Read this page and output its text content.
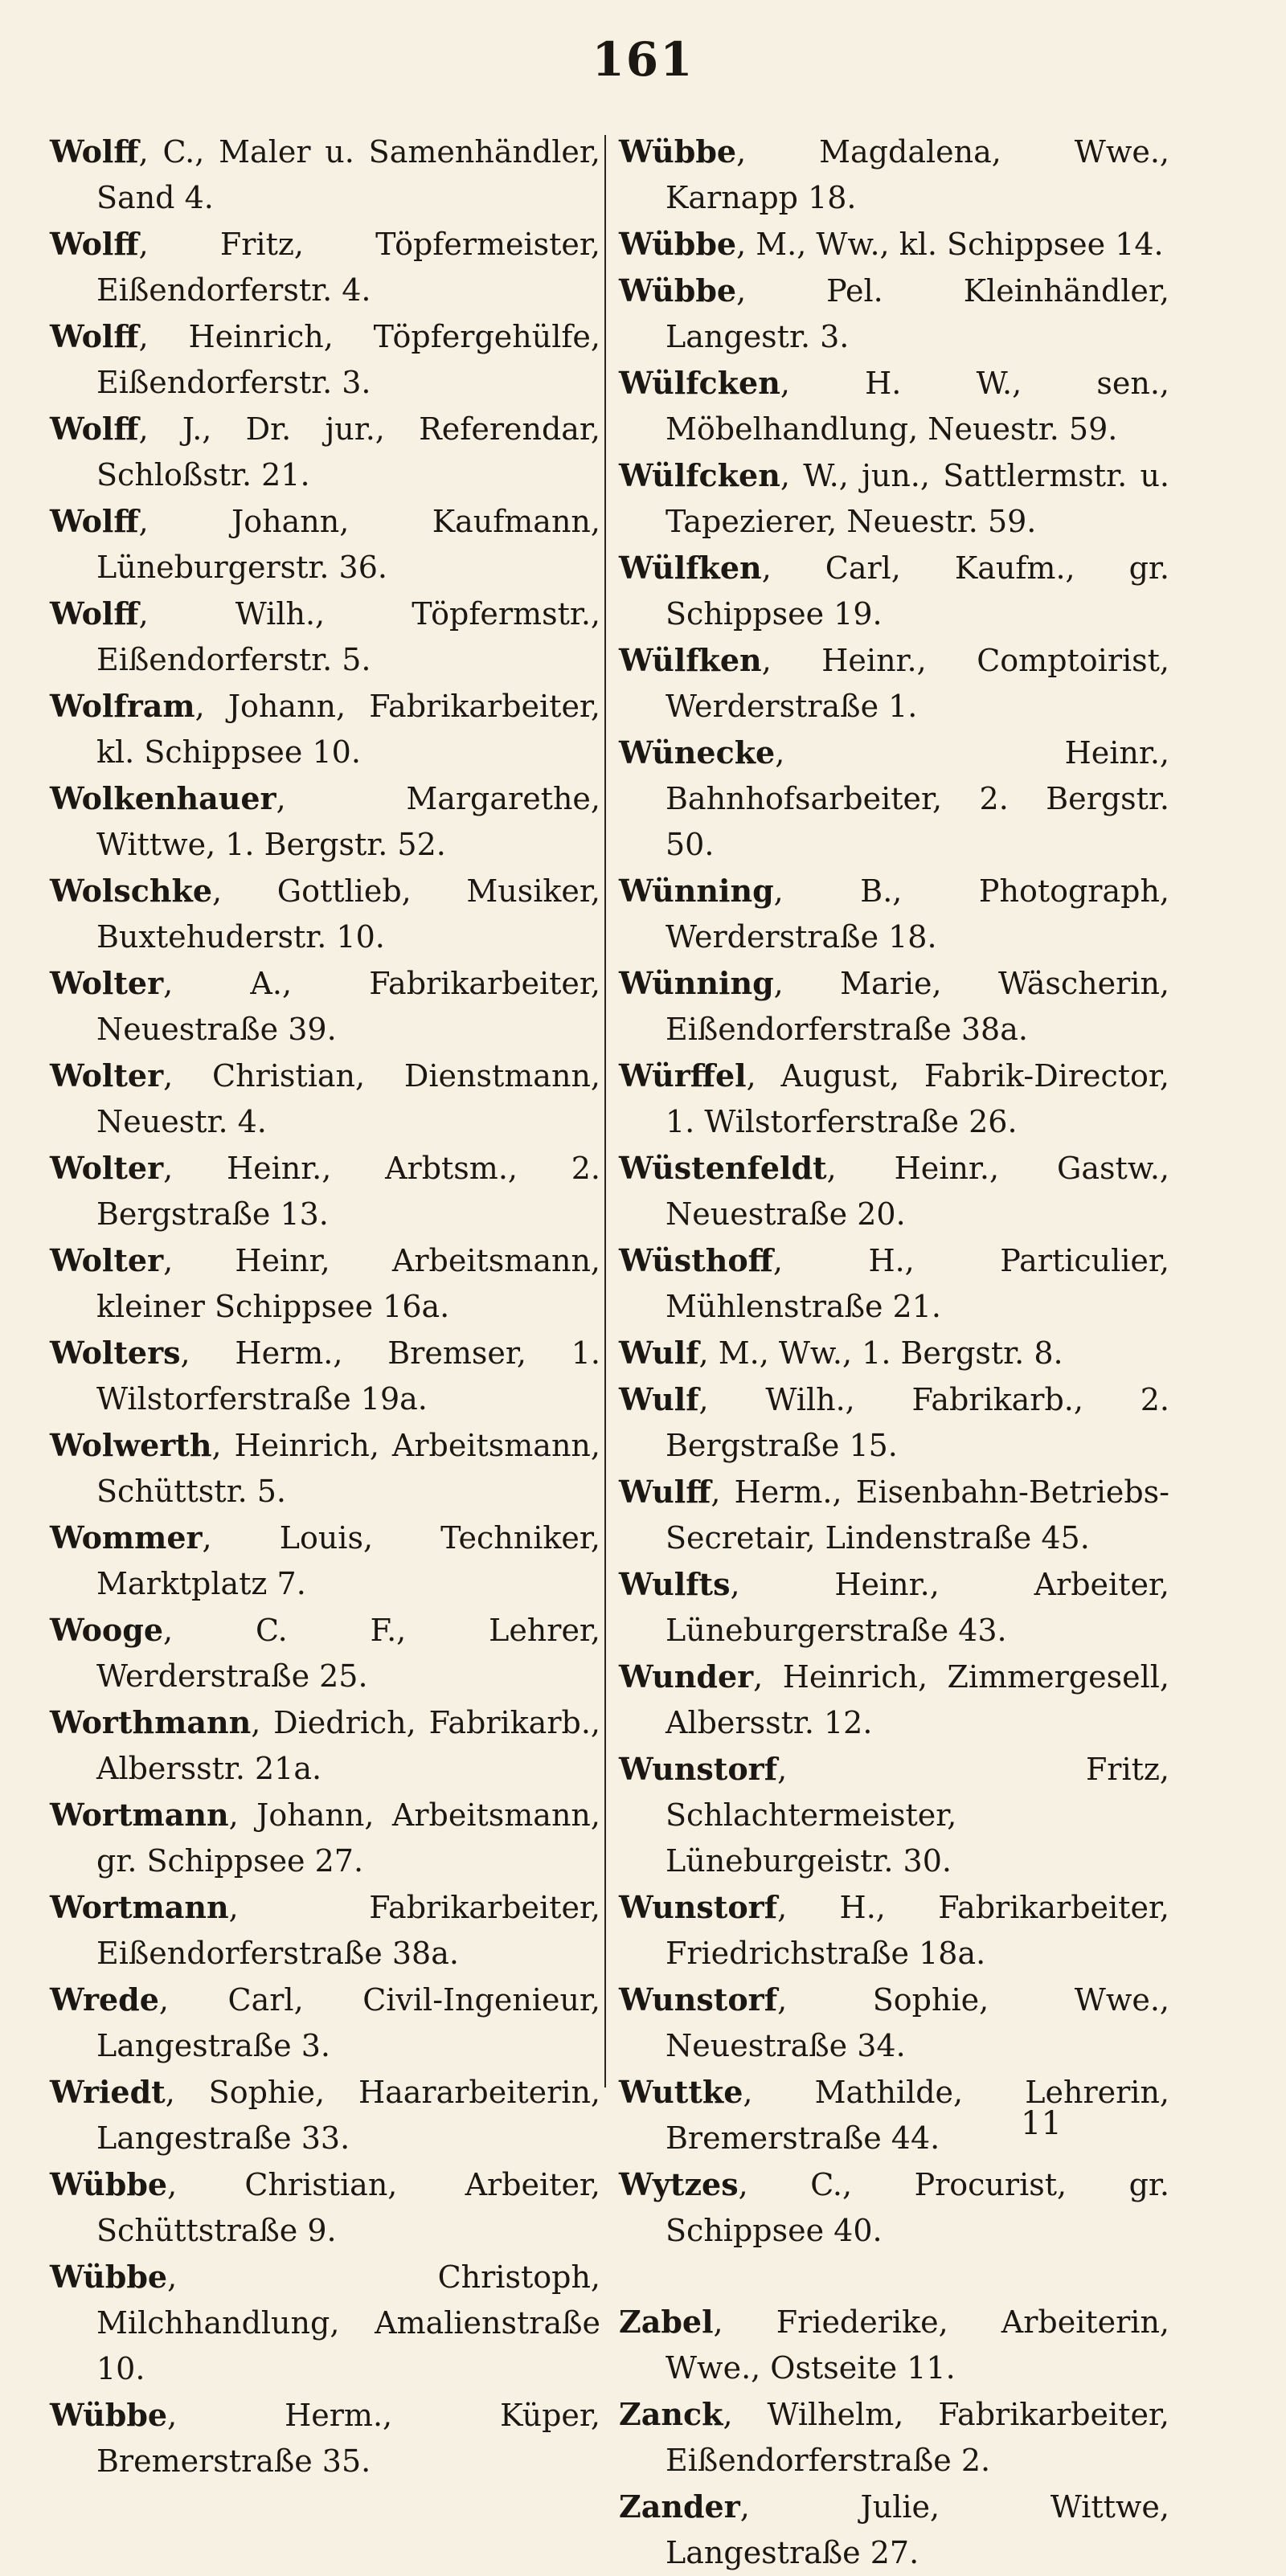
161

Wolff, C., Maler u. Samenhändler, Sand 4.

Wolff, Fritz, Töpfermeister, Eißendorferstr. 4.

Wolff, Heinrich, Töpfergehülfe, Eißendorferstr. 3.

Wolff, J., Dr. jur., Referendar, Schloßstr. 21.

Wolff, Johann, Kaufmann, Lüneburgerstr. 36.

Wolff, Wilh., Töpfermstr., Eißendorferstr. 5.

Wolfram, Johann, Fabrikarbeiter, kl. Schippsee 10.

Wolkenhauer, Margarethe, Wittwe, 1. Bergstr. 52.

Wolschke, Gottlieb, Musiker, Buxtehuderstr. 10.

Wolter, A., Fabrikarbeiter, Neuestraße 39.

Wolter, Christian, Dienstmann, Neuestr. 4.

Wolter, Heinr., Arbtsm., 2. Bergstraße 13.

Wolter, Heinr, Arbeitsmann, kleiner Schippsee 16a.

Wolters, Herm., Bremser, 1. Wilstorferstraße 19a.

Wolwerth, Heinrich, Arbeitsmann, Schüttstr. 5.

Wommer, Louis, Techniker, Marktplatz 7.

Wooge, C. F., Lehrer, Werderstraße 25.

Worthmann, Diedrich, Fabrikarb., Albersstr. 21a.

Wortmann, Johann, Arbeitsmann, gr. Schippsee 27.

Wortmann, Fabrikarbeiter, Eißendorferstraße 38a.

Wrede, Carl, Civil-Ingenieur, Langestraße 3.

Wriedt, Sophie, Haararbeiterin, Langestraße 33.

Wübbe, Christian, Arbeiter, Schüttstraße 9.

Wübbe, Christoph, Milchhandlung, Amalienstraße 10.

Wübbe, Herm., Küper, Bremerstraße 35.

Wübbe, Magdalena, Wwe., Karnapp 18.

Wübbe, M., Ww., kl. Schippsee 14.

Wübbe, Pel. Kleinhändler, Langestr. 3.

Wülfcken, H. W., sen., Möbelhandlung, Neuestr. 59.

Wülfcken, W., jun., Sattlermstr. u. Tapezierer, Neuestr. 59.

Wülfken, Carl, Kaufm., gr. Schippsee 19.

Wülfken, Heinr., Comptoirist, Werderstraße 1.

Wünecke, Heinr., Bahnhofsarbeiter, 2. Bergstr. 50.

Wünning, B., Photograph, Werderstraße 18.

Wünning, Marie, Wäscherin, Eißendorferstraße 38a.

Würffel, August, Fabrik-Director, 1. Wilstorferstraße 26.

Wüstenfeldt, Heinr., Gastw., Neuestraße 20.

Wüsthoff, H., Particulier, Mühlenstraße 21.

Wulf, M., Ww., 1. Bergstr. 8.

Wulf, Wilh., Fabrikarb., 2. Bergstraße 15.

Wulff, Herm., Eisenbahn-Betriebs-Secretair, Lindenstraße 45.

Wulfts, Heinr., Arbeiter, Lüneburgerstraße 43.

Wunder, Heinrich, Zimmergesell, Albersstr. 12.

Wunstorf, Fritz, Schlachtermeister, Lüneburgeistr. 30.

Wunstorf, H., Fabrikarbeiter, Friedrichstraße 18a.

Wunstorf, Sophie, Wwe., Neuestraße 34.

Wuttke, Mathilde, Lehrerin, Bremerstraße 44.

Wytzes, C., Procurist, gr. Schippsee 40.

Zabel, Friederike, Arbeiterin, Wwe., Ostseite 11.

Zanck, Wilhelm, Fabrikarbeiter, Eißendorferstraße 2.

Zander, Julie, Wittwe, Langestraße 27.

11
